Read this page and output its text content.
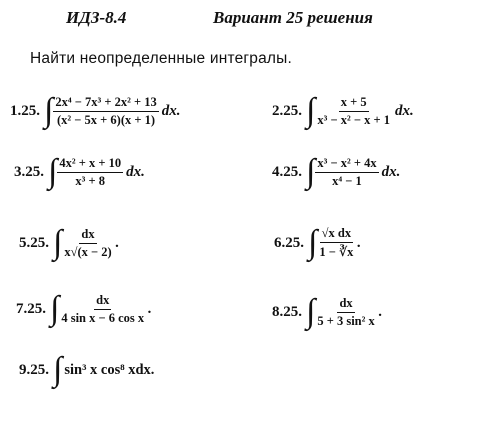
ИДЗ-8.4	Вариант 25 решения
Найти неопределенные интегралы.
1.25. ∫ $\frac{\text{2x⁴ − 7x³ + 2x² + 13}}{\text{(x² − 5x + 6)(x + 1)}}$ dx.	2.25. ∫ $\frac{x + 5}{\text{x³ − x² − x + 1}}$ dx.
3.25. ∫ $\frac{\text{4x² + x + 10}}{\text{x³ + 8}}$ dx.	4.25. ∫ $\frac{\text{x³ − x² + 4x}}{\text{x⁴ − 1}}$ dx.
5.25. ∫ $\frac{dx}{x√(x - 2)}$ .	6.25. ∫ $\frac{\text{√x dx}}{1 - ∛x}$ .
7.25. ∫ $\frac{dx}{\text{4 sin x − 6 cos x}}$ .	8.25. ∫ $\frac{dx}{\text{5 + 3 sin² x}}$ .
9.25. ∫ sin³ x cos⁸ xdx.
